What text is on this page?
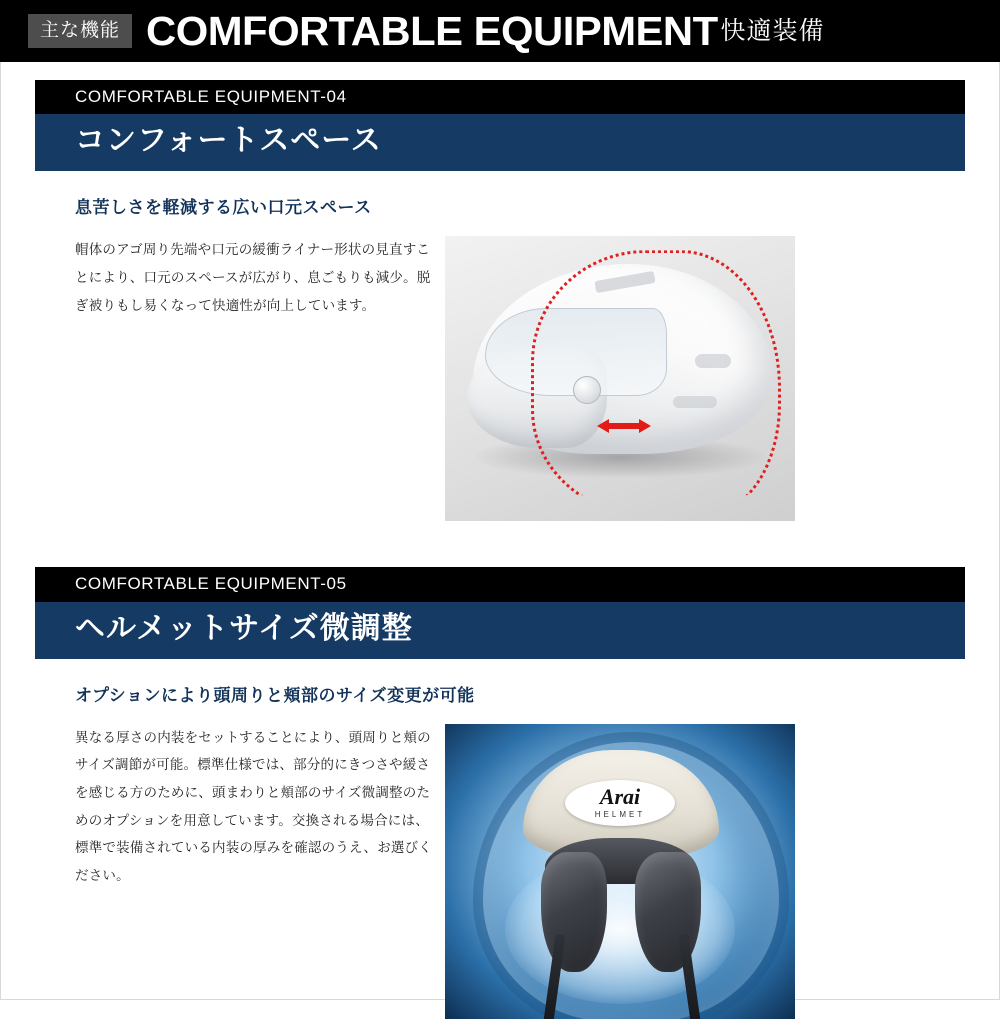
主な機能 COMFORTABLE EQUIPMENT 快適装備
COMFORTABLE EQUIPMENT-04
コンフォートスペース
息苦しさを軽減する広い口元スペース
帽体のアゴ周り先端や口元の緩衝ライナー形状の見直すことにより、口元のスペースが広がり、息ごもりも減少。脱ぎ被りもし易くなって快適性が向上しています。
COMFORTABLE EQUIPMENT-05
ヘルメットサイズ微調整
オプションにより頭周りと頬部のサイズ変更が可能
異なる厚さの内装をセットすることにより、頭周りと頬のサイズ調節が可能。標準仕様では、部分的にきつさや緩さを感じる方のために、頭まわりと頬部のサイズ微調整のためのオプションを用意しています。交換される場合には、標準で装備されている内装の厚みを確認のうえ、お選びください。
Arai
HELMET
